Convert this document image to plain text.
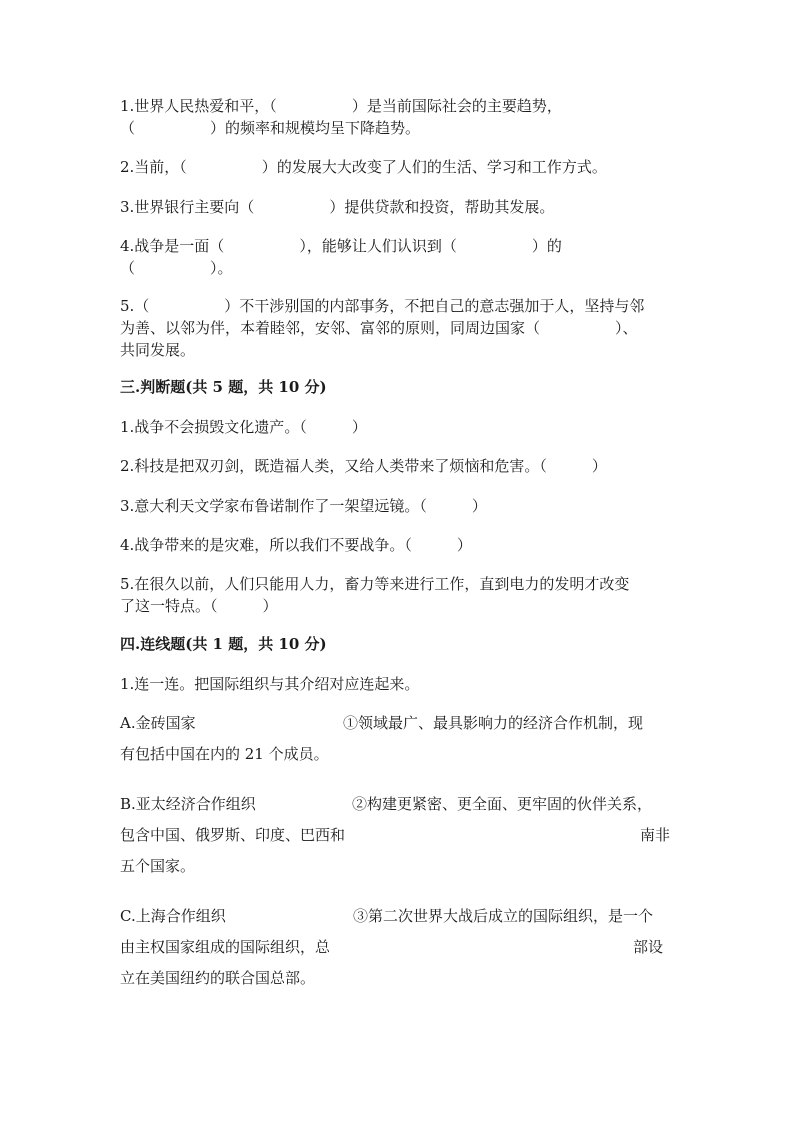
1.世界人民热爱和平，（　　　　　）是当前国际社会的主要趋势，
（　　　　　）的频率和规模均呈下降趋势。
2.当前，（　　　　　）的发展大大改变了人们的生活、学习和工作方式。
3.世界银行主要向（　　　　　）提供贷款和投资，帮助其发展。
4.战争是一面（　　　　　），能够让人们认识到（　　　　　）的
（　　　　　）。
5.（　　　　　）不干涉别国的内部事务，不把自己的意志强加于人，坚持与邻
为善、以邻为伴，本着睦邻，安邻、富邻的原则，同周边国家（　　　　　）、
共同发展。
三.判断题(共 5 题，共 10 分)
1.战争不会损毁文化遗产。（　　　）
2.科技是把双刃剑，既造福人类，又给人类带来了烦恼和危害。（　　　）
3.意大利天文学家布鲁诺制作了一架望远镜。（　　　）
4.战争带来的是灾难，所以我们不要战争。（　　　）
5.在很久以前，人们只能用人力，畜力等来进行工作，直到电力的发明才改变
了这一特点。（　　　）
四.连线题(共 1 题，共 10 分)
1.连一连。把国际组织与其介绍对应连起来。
A.金砖国家	①领域最广、最具影响力的经济合作机制，现
有包括中国在内的 21 个成员。
B.亚太经济合作组织	②构建更紧密、更全面、更牢固的伙伴关系，
包含中国、俄罗斯、印度、巴西和	南非
五个国家。
C.上海合作组织	③第二次世界大战后成立的国际组织，是一个
由主权国家组成的国际组织，总	部设
立在美国纽约的联合国总部。
